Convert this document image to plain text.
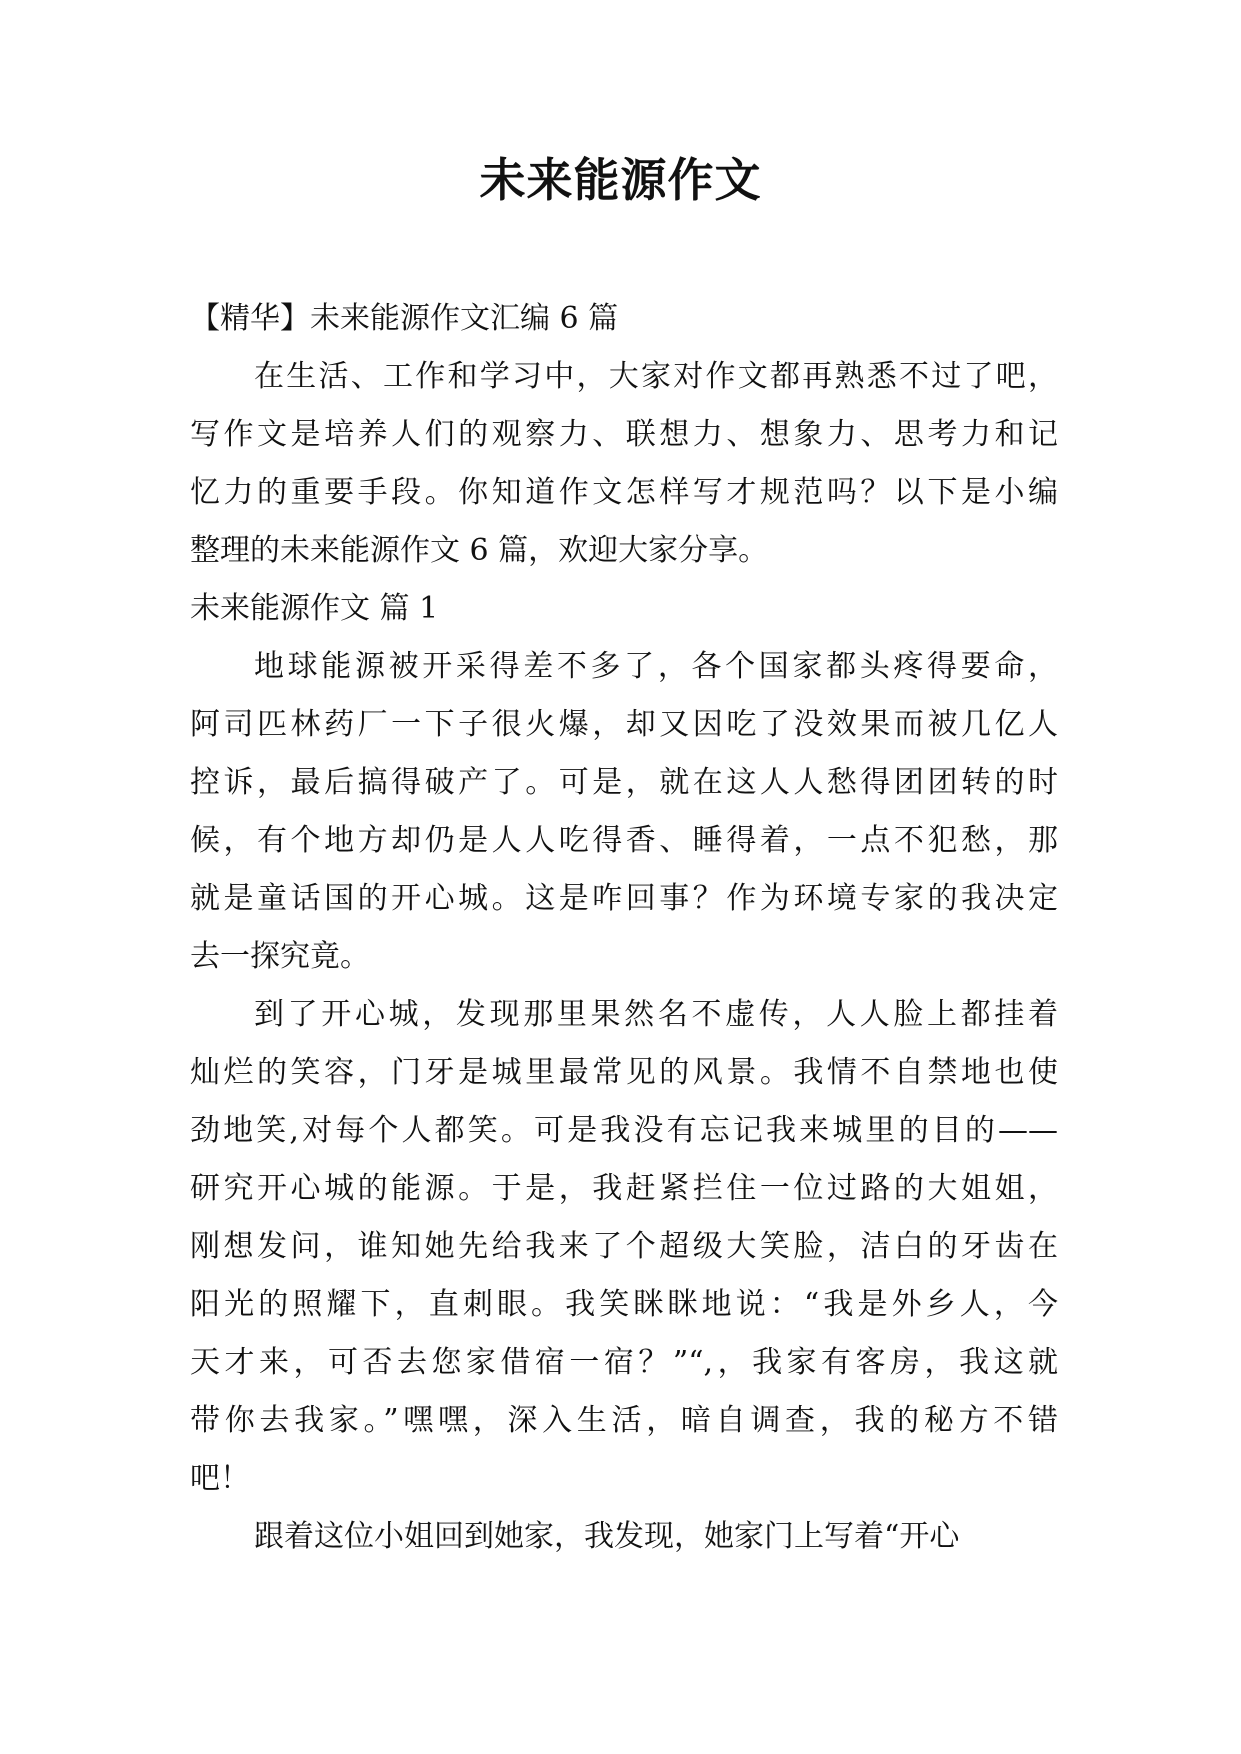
未来能源作文
【精华】未来能源作文汇编 6 篇
在生活、工作和学习中，大家对作文都再熟悉不过了吧，
写作文是培养人们的观察力、联想力、想象力、思考力和记
忆力的重要手段。你知道作文怎样写才规范吗？以下是小编
整理的未来能源作文 6 篇，欢迎大家分享。
未来能源作文 篇 1
地球能源被开采得差不多了，各个国家都头疼得要命，
阿司匹林药厂一下子很火爆，却又因吃了没效果而被几亿人
控诉，最后搞得破产了。可是，就在这人人愁得团团转的时
候，有个地方却仍是人人吃得香、睡得着，一点不犯愁，那
就是童话国的开心城。这是咋回事？作为环境专家的我决定
去一探究竟。
到了开心城，发现那里果然名不虚传，人人脸上都挂着
灿烂的笑容，门牙是城里最常见的风景。我情不自禁地也使
劲地笑,对每个人都笑。可是我没有忘记我来城里的目的——
研究开心城的能源。于是，我赶紧拦住一位过路的大姐姐，
刚想发问，谁知她先给我来了个超级大笑脸，洁白的牙齿在
阳光的照耀下，直刺眼。我笑眯眯地说：“我是外乡人，今
天才来，可否去您家借宿一宿？”“,，我家有客房，我这就
带你去我家。”嘿嘿，深入生活，暗自调查，我的秘方不错
吧！
跟着这位小姐回到她家，我发现，她家门上写着“开心
